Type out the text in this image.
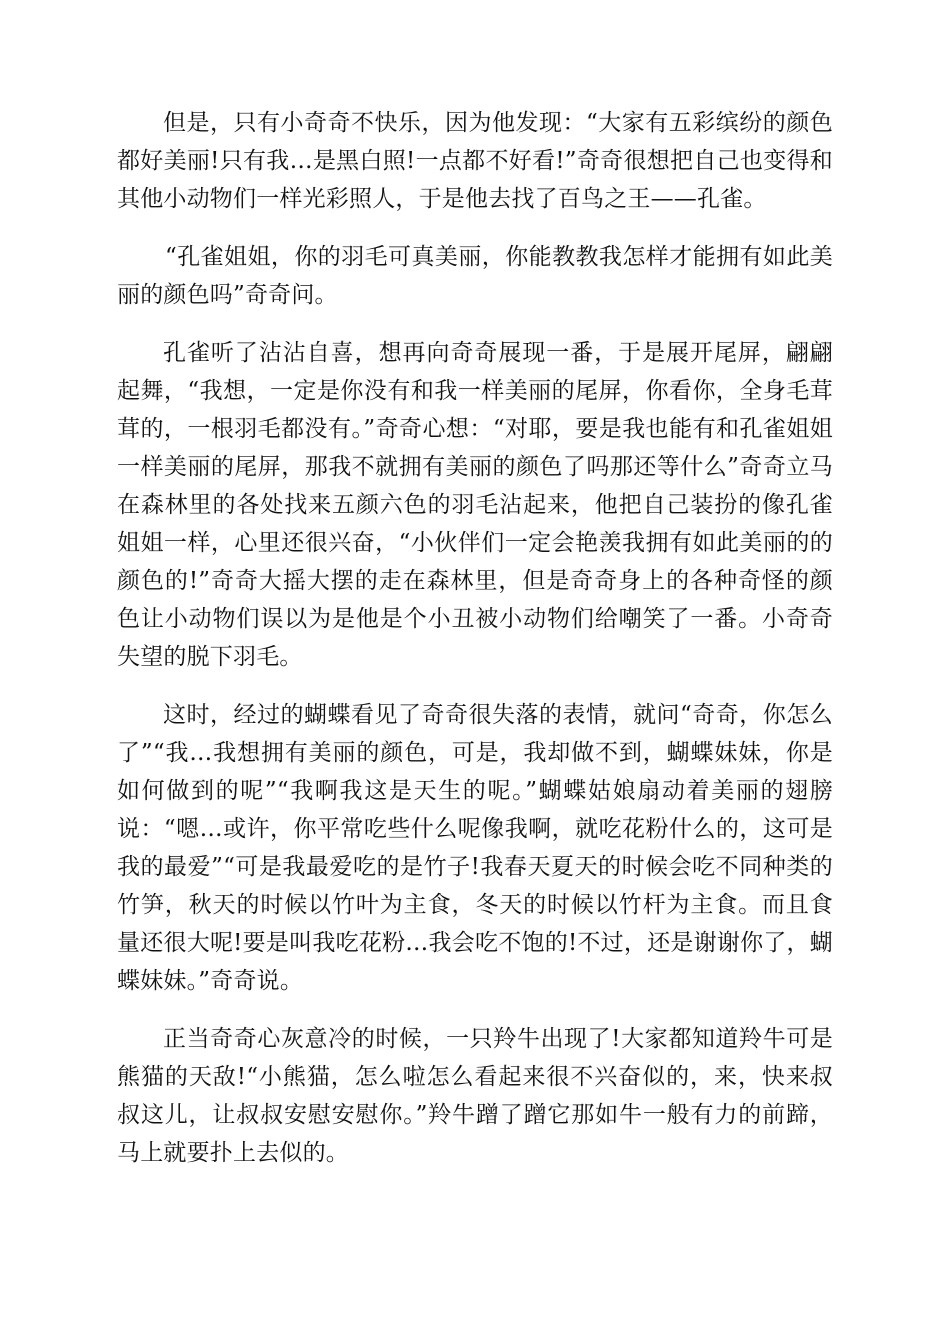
但是，只有小奇奇不快乐，因为他发现：“大家有五彩缤纷的颜色都好美丽!只有我…是黑白照!一点都不好看!”奇奇很想把自己也变得和其他小动物们一样光彩照人，于是他去找了百鸟之王——孔雀。

“孔雀姐姐，你的羽毛可真美丽，你能教教我怎样才能拥有如此美丽的颜色吗”奇奇问。

孔雀听了沾沾自喜，想再向奇奇展现一番，于是展开尾屏，翩翩起舞，“我想，一定是你没有和我一样美丽的尾屏，你看你，全身毛茸茸的，一根羽毛都没有。”奇奇心想：“对耶，要是我也能有和孔雀姐姐一样美丽的尾屏，那我不就拥有美丽的颜色了吗那还等什么”奇奇立马在森林里的各处找来五颜六色的羽毛沾起来，他把自己装扮的像孔雀姐姐一样，心里还很兴奋，“小伙伴们一定会艳羡我拥有如此美丽的的颜色的!”奇奇大摇大摆的走在森林里，但是奇奇身上的各种奇怪的颜色让小动物们误以为是他是个小丑被小动物们给嘲笑了一番。小奇奇失望的脱下羽毛。

这时，经过的蝴蝶看见了奇奇很失落的表情，就问“奇奇，你怎么了”“我…我想拥有美丽的颜色，可是，我却做不到，蝴蝶妹妹，你是如何做到的呢”“我啊我这是天生的呢。”蝴蝶姑娘扇动着美丽的翅膀说：“嗯…或许，你平常吃些什么呢像我啊，就吃花粉什么的，这可是我的最爱”“可是我最爱吃的是竹子!我春天夏天的时候会吃不同种类的竹笋，秋天的时候以竹叶为主食，冬天的时候以竹杆为主食。而且食量还很大呢!要是叫我吃花粉…我会吃不饱的!不过，还是谢谢你了，蝴蝶妹妹。”奇奇说。

正当奇奇心灰意冷的时候，一只羚牛出现了!大家都知道羚牛可是熊猫的天敌!“小熊猫，怎么啦怎么看起来很不兴奋似的，来，快来叔叔这儿，让叔叔安慰安慰你。”羚牛蹭了蹭它那如牛一般有力的前蹄，马上就要扑上去似的。
